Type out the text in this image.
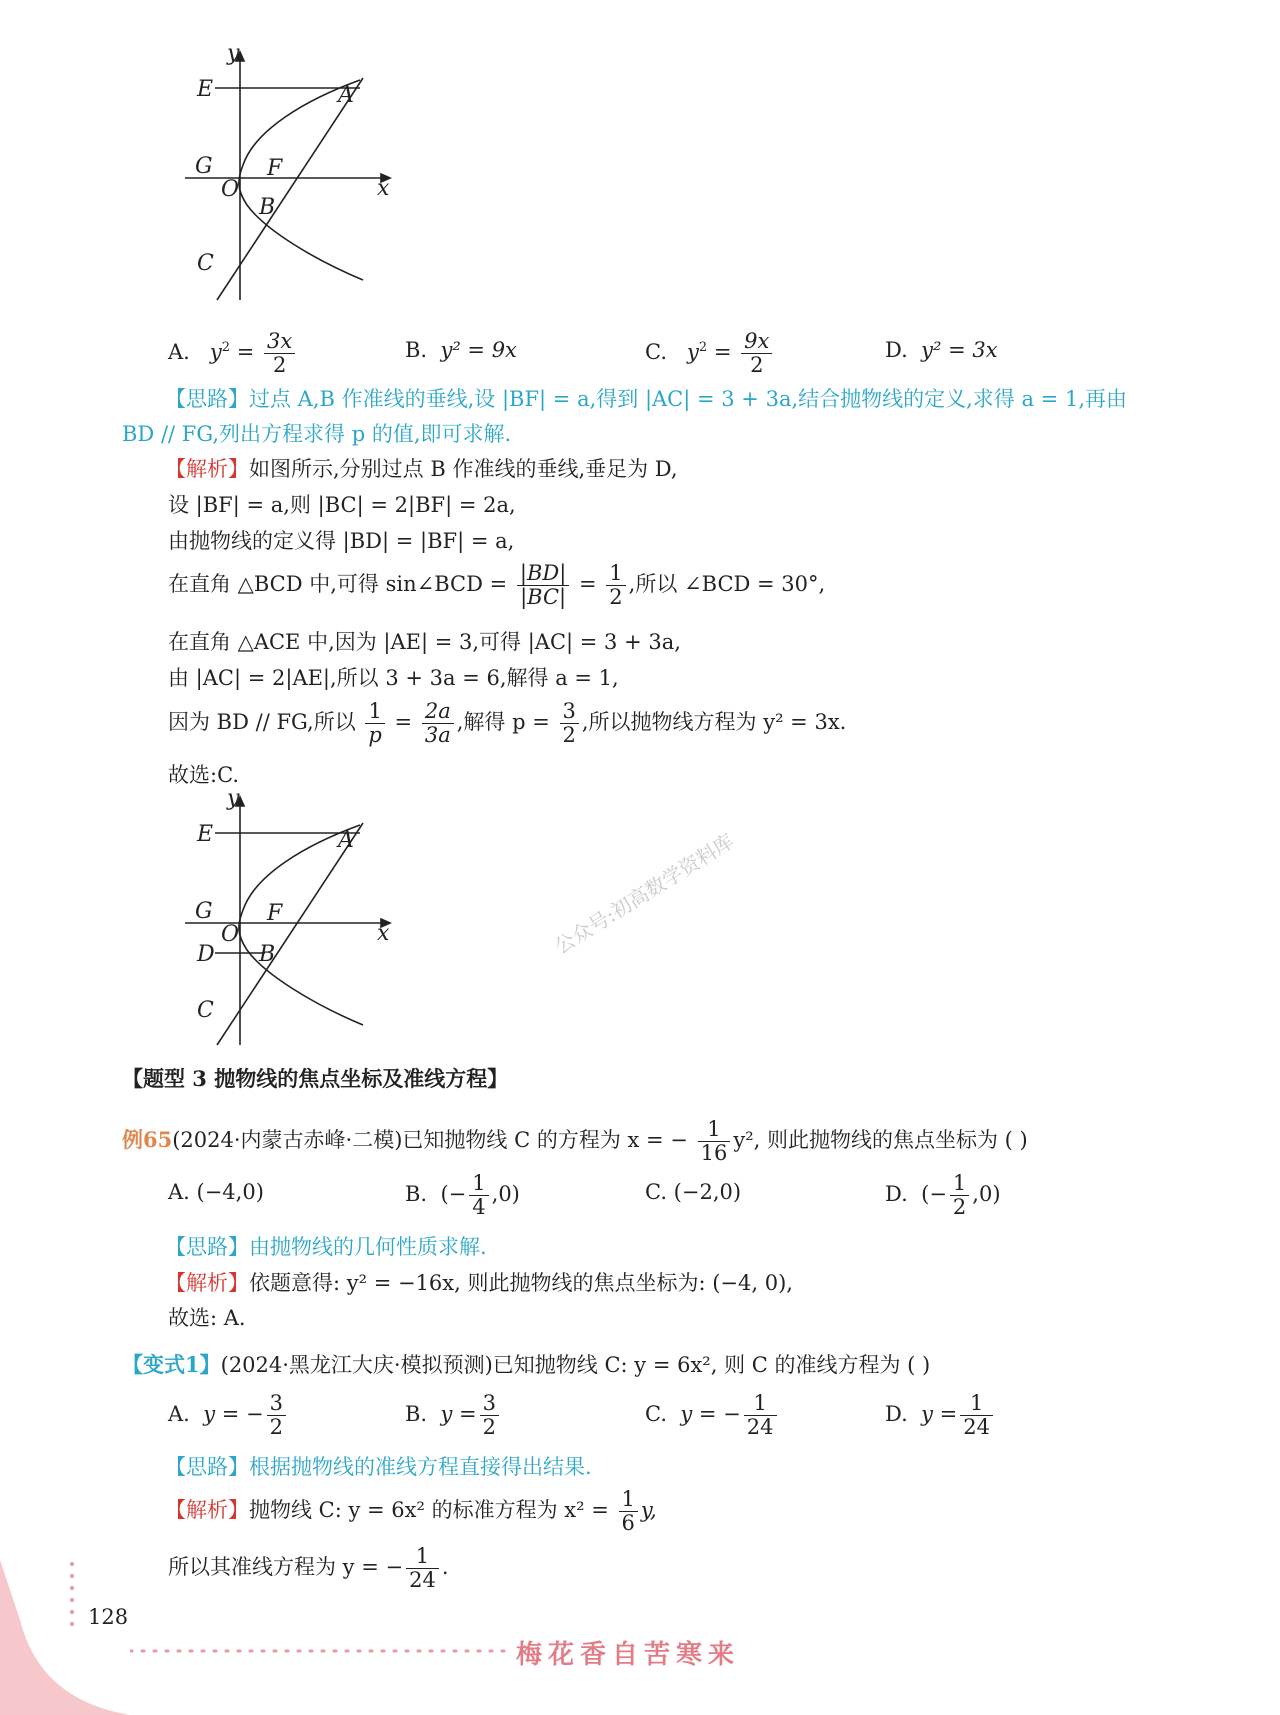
y
x
E	A
G F
O
B
C
A. $y^2 = \frac{3x}{2}$	B. y² = 9x	C. $y^2 = \frac{9x}{2}$	D. y² = 3x
【思路】过点 A,B 作准线的垂线,设 |BF| = a,得到 |AC| = 3 + 3a,结合抛物线的定义,求得 a = 1,再由
BD // FG,列出方程求得 p 的值,即可求解.
【解析】如图所示,分别过点 B 作准线的垂线,垂足为 D,
设 |BF| = a,则 |BC| = 2|BF| = 2a,
由抛物线的定义得 |BD| = |BF| = a,
在直角 △BCD 中,可得 sin∠BCD = $\frac{|BD|}{|BC|} = \frac{1}{2}$ ,所以 ∠BCD = 30°,
在直角 △ACE 中,因为 |AE| = 3,可得 |AC| = 3 + 3a,
由 |AC| = 2|AE|,所以 3 + 3a = 6,解得 a = 1,
因为 BD // FG,所以 $\frac{1}{p} = \frac{2a}{3a}$ ,解得 $p = \frac{3}{2}$ ,所以抛物线方程为 y² = 3x.
故选:C.
y
x
E	A
G F
O
D B
C
公众号:初高数学资料库
【题型 3 抛物线的焦点坐标及准线方程】
例65(2024·内蒙古赤峰·二模)已知抛物线 C 的方程为 x = − $\frac{1}{16} y^2$, 则此抛物线的焦点坐标为 ( )
A. (−4,0)	B. (− $\frac{1}{4} ,0$)	C. (−2,0)	D. (− $\frac{1}{2} ,0$)
【思路】由抛物线的几何性质求解.
【解析】依题意得: y² = −16x, 则此抛物线的焦点坐标为: (−4, 0),
故选: A.
【变式1】(2024·黑龙江大庆·模拟预测)已知抛物线 C: y = 6x², 则 C 的准线方程为 ( )
A. y = − $\frac{3}{2}$	B. $y = \frac{3}{2}$	C. y = − $\frac{1}{24}$	D. $y = \frac{1}{24}$
【思路】根据抛物线的准线方程直接得出结果.
【解析】抛物线 C: y = 6x² 的标准方程为 $x^2 = \frac{1}{6} y$,
所以其准线方程为 y = − $\frac{1}{24}$ .
128
梅花香自苦寒来
